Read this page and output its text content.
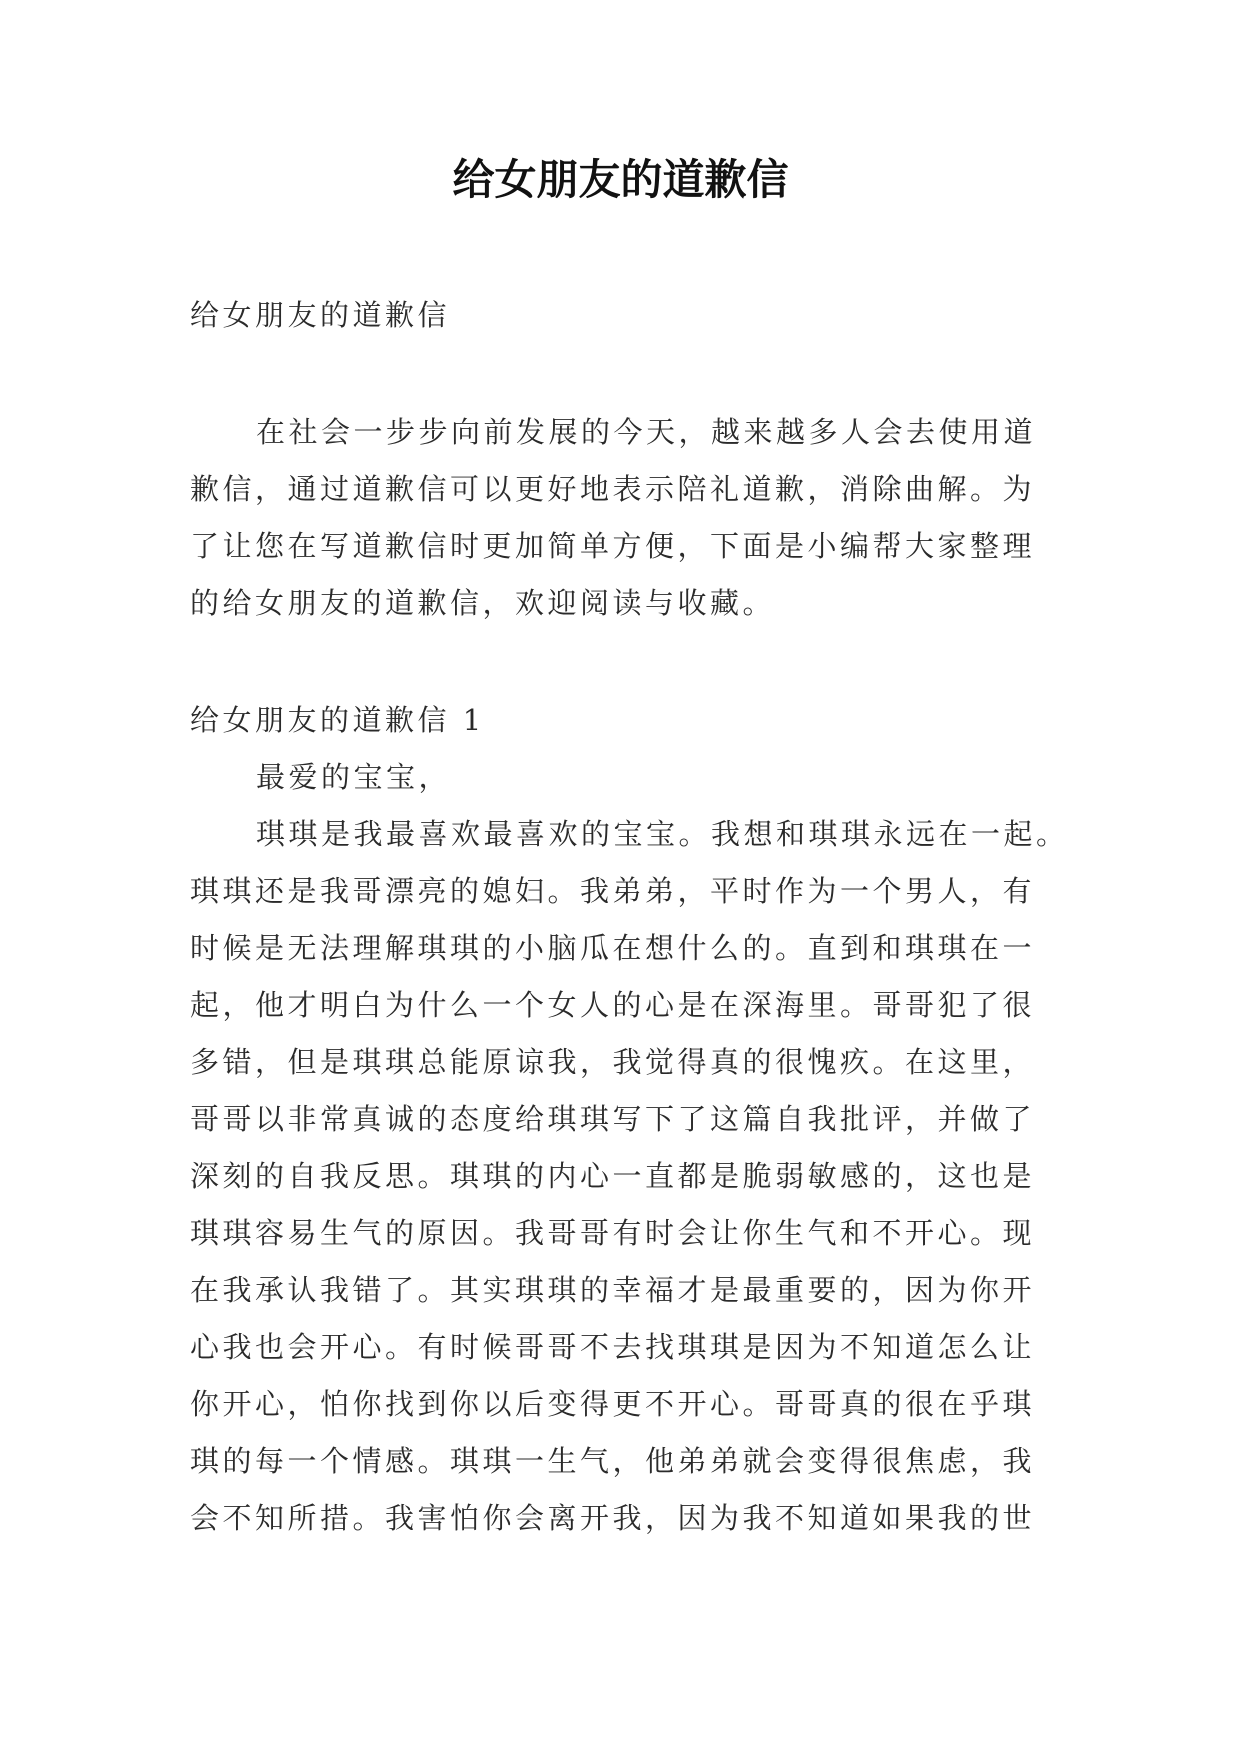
给女朋友的道歉信
给女朋友的道歉信
在社会一步步向前发展的今天，越来越多人会去使用道
歉信，通过道歉信可以更好地表示陪礼道歉，消除曲解。为
了让您在写道歉信时更加简单方便，下面是小编帮大家整理
的给女朋友的道歉信，欢迎阅读与收藏。
给女朋友的道歉信 1
最爱的宝宝，
琪琪是我最喜欢最喜欢的宝宝。我想和琪琪永远在一起。
琪琪还是我哥漂亮的媳妇。我弟弟，平时作为一个男人，有
时候是无法理解琪琪的小脑瓜在想什么的。直到和琪琪在一
起，他才明白为什么一个女人的心是在深海里。哥哥犯了很
多错，但是琪琪总能原谅我，我觉得真的很愧疚。在这里，
哥哥以非常真诚的态度给琪琪写下了这篇自我批评，并做了
深刻的自我反思。琪琪的内心一直都是脆弱敏感的，这也是
琪琪容易生气的原因。我哥哥有时会让你生气和不开心。现
在我承认我错了。其实琪琪的幸福才是最重要的，因为你开
心我也会开心。有时候哥哥不去找琪琪是因为不知道怎么让
你开心，怕你找到你以后变得更不开心。哥哥真的很在乎琪
琪的每一个情感。琪琪一生气，他弟弟就会变得很焦虑，我
会不知所措。我害怕你会离开我，因为我不知道如果我的世
